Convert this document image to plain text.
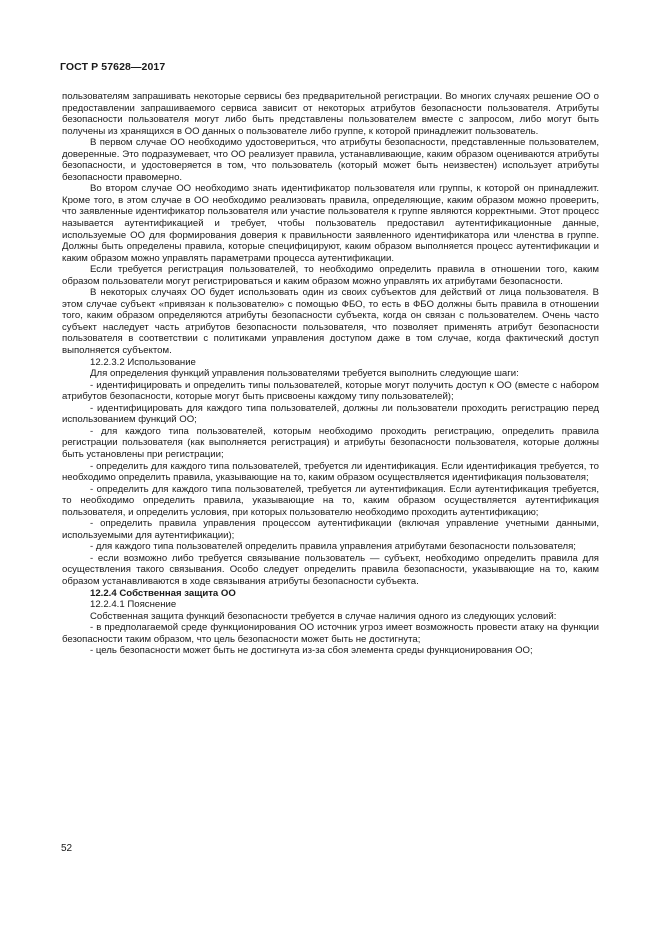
ГОСТ Р 57628—2017

пользователям запрашивать некоторые сервисы без предварительной регистрации. Во многих случаях решение ОО о предоставлении запрашиваемого сервиса зависит от некоторых атрибутов безопасности пользователя. Атрибуты безопасности пользователя могут либо быть представлены пользователем вместе с запросом, либо могут быть получены из хранящихся в ОО данных о пользователе либо группе, к которой принадлежит пользователь.

В первом случае ОО необходимо удостовериться, что атрибуты безопасности, представленные пользователем, доверенные. Это подразумевает, что ОО реализует правила, устанавливающие, каким образом оцениваются атрибуты безопасности, и удостоверяется в том, что пользователь (который может быть неизвестен) использует атрибуты безопасности правомерно.

Во втором случае ОО необходимо знать идентификатор пользователя или группы, к которой он принадлежит. Кроме того, в этом случае в ОО необходимо реализовать правила, определяющие, каким образом можно проверить, что заявленные идентификатор пользователя или участие пользователя к группе являются корректными. Этот процесс называется аутентификацией и требует, чтобы пользователь предоставил аутентификационные данные, используемые ОО для формирования доверия к правильности заявленного идентификатора или членства в группе. Должны быть определены правила, которые специфицируют, каким образом выполняется процесс аутентификации и каким образом можно управлять параметрами процесса аутентификации.

Если требуется регистрация пользователей, то необходимо определить правила в отношении того, каким образом пользователи могут регистрироваться и каким образом можно управлять их атрибутами безопасности.

В некоторых случаях ОО будет использовать один из своих субъектов для действий от лица пользователя. В этом случае субъект «привязан к пользователю» с помощью ФБО, то есть в ФБО должны быть правила в отношении того, каким образом определяются атрибуты безопасности субъекта, когда он связан с пользователем. Очень часто субъект наследует часть атрибутов безопасности пользователя, что позволяет применять атрибут безопасности пользователя в соответствии с политиками управления доступом даже в том случае, когда фактический доступ выполняется субъектом.

12.2.3.2 Использование

Для определения функций управления пользователями требуется выполнить следующие шаги:

- идентифицировать и определить типы пользователей, которые могут получить доступ к ОО (вместе с набором атрибутов безопасности, которые могут быть присвоены каждому типу пользователей);

- идентифицировать для каждого типа пользователей, должны ли пользователи проходить регистрацию перед использованием функций ОО;

- для каждого типа пользователей, которым необходимо проходить регистрацию, определить правила регистрации пользователя (как выполняется регистрация) и атрибуты безопасности пользователя, которые должны быть установлены при регистрации;

- определить для каждого типа пользователей, требуется ли идентификация. Если идентификация требуется, то необходимо определить правила, указывающие на то, каким образом осуществляется идентификация пользователя;

- определить для каждого типа пользователей, требуется ли аутентификация. Если аутентификация требуется, то необходимо определить правила, указывающие на то, каким образом осуществляется аутентификация пользователя, и определить условия, при которых пользователю необходимо проходить аутентификацию;

- определить правила управления процессом аутентификации (включая управление учетными данными, используемыми для аутентификации);

- для каждого типа пользователей определить правила управления атрибутами безопасности пользователя;

- если возможно либо требуется связывание пользователь — субъект, необходимо определить правила для осуществления такого связывания. Особо следует определить правила безопасности, указывающие на то, каким образом устанавливаются в ходе связывания атрибуты безопасности субъекта.

12.2.4 Собственная защита ОО

12.2.4.1 Пояснение

Собственная защита функций безопасности требуется в случае наличия одного из следующих условий:

- в предполагаемой среде функционирования ОО источник угроз имеет возможность провести атаку на функции безопасности таким образом, что цель безопасности может быть не достигнута;

- цель безопасности может быть не достигнута из-за сбоя элемента среды функционирования ОО;

52
